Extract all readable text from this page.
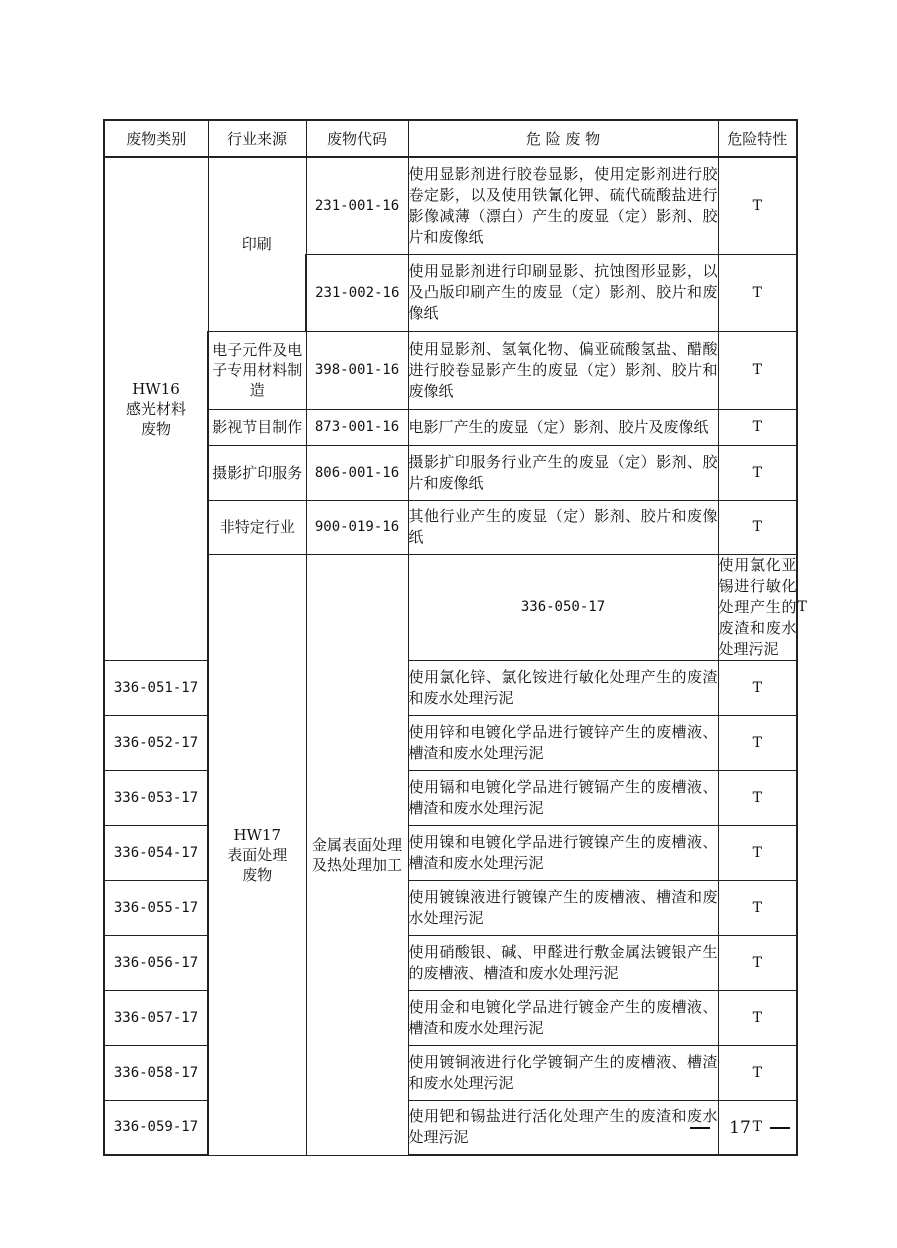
废物类别	行业来源	废物代码	危 险 废 物	危险特性	

HW16
感光材料
废物	印刷	231-001-16	使用显影剂进行胶卷显影，使用定影剂进行胶卷定影，以及使用铁氰化钾、硫代硫酸盐进行影像减薄（漂白）产生的废显（定）影剂、胶片和废像纸	T	
		231-002-16	使用显影剂进行印刷显影、抗蚀图形显影，以及凸版印刷产生的废显（定）影剂、胶片和废像纸	T	
	电子元件及电子专用材料制造	398-001-16	使用显影剂、氢氧化物、偏亚硫酸氢盐、醋酸进行胶卷显影产生的废显（定）影剂、胶片和废像纸	T	
	影视节目制作	873-001-16	电影厂产生的废显（定）影剂、胶片及废像纸	T	
	摄影扩印服务	806-001-16	摄影扩印服务行业产生的废显（定）影剂、胶片和废像纸	T	
	非特定行业	900-019-16	其他行业产生的废显（定）影剂、胶片和废像纸	T	

	HW17
表面处理
废物	金属表面处理及热处理加工	336-050-17	使用氯化亚锡进行敏化处理产生的废渣和废水处理污泥	T
336-051-17			使用氯化锌、氯化铵进行敏化处理产生的废渣和废水处理污泥	T	
336-052-17			使用锌和电镀化学品进行镀锌产生的废槽液、槽渣和废水处理污泥	T	
336-053-17			使用镉和电镀化学品进行镀镉产生的废槽液、槽渣和废水处理污泥	T	
336-054-17			使用镍和电镀化学品进行镀镍产生的废槽液、槽渣和废水处理污泥	T	
336-055-17			使用镀镍液进行镀镍产生的废槽液、槽渣和废水处理污泥	T	
336-056-17			使用硝酸银、碱、甲醛进行敷金属法镀银产生的废槽液、槽渣和废水处理污泥	T	
336-057-17			使用金和电镀化学品进行镀金产生的废槽液、槽渣和废水处理污泥	T	
336-058-17			使用镀铜液进行化学镀铜产生的废槽液、槽渣和废水处理污泥	T	
336-059-17			使用钯和锡盐进行活化处理产生的废渣和废水处理污泥	T	
17
